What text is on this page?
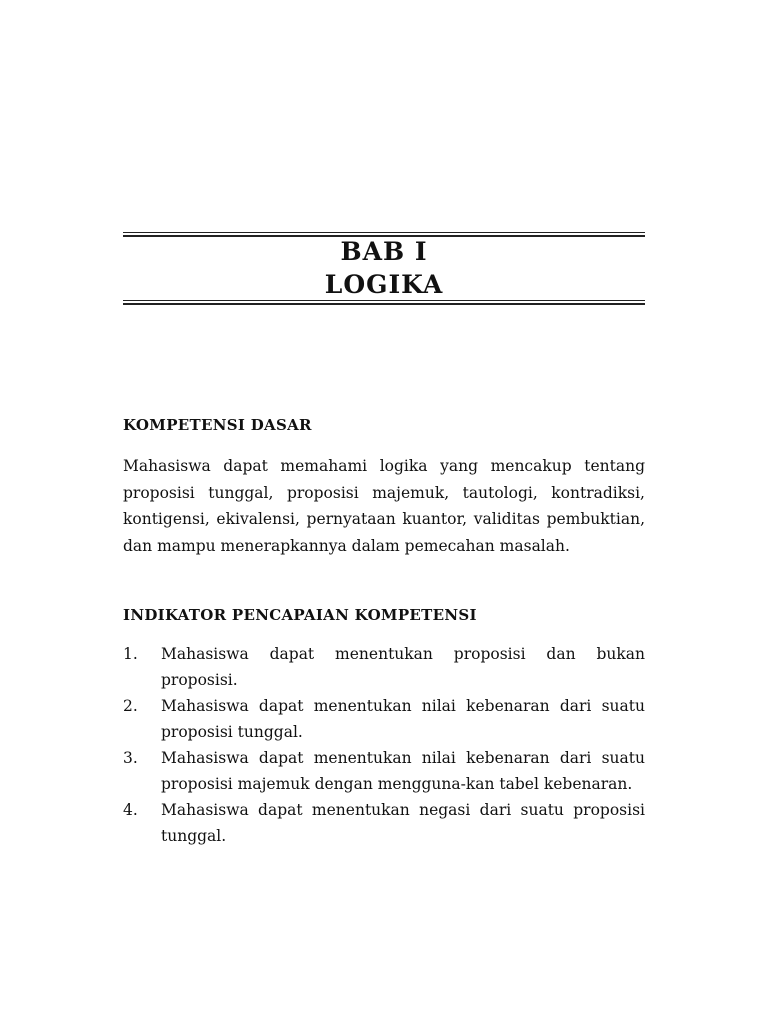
BAB I
LOGIKA
KOMPETENSI DASAR

Mahasiswa dapat memahami logika yang mencakup tentang proposisi tunggal, proposisi majemuk, tautologi, kontradiksi, kontigensi, ekivalensi, pernyataan kuantor, validitas pembuktian, dan mampu menerapkannya dalam pemecahan masalah.

INDIKATOR PENCAPAIAN KOMPETENSI
1. Mahasiswa dapat menentukan proposisi dan bukan proposisi.
2. Mahasiswa dapat menentukan nilai kebenaran dari suatu proposisi tunggal.
3. Mahasiswa dapat menentukan nilai kebenaran dari suatu proposisi majemuk dengan mengguna-kan tabel kebenaran.
4. Mahasiswa dapat menentukan negasi dari suatu proposisi tunggal.
